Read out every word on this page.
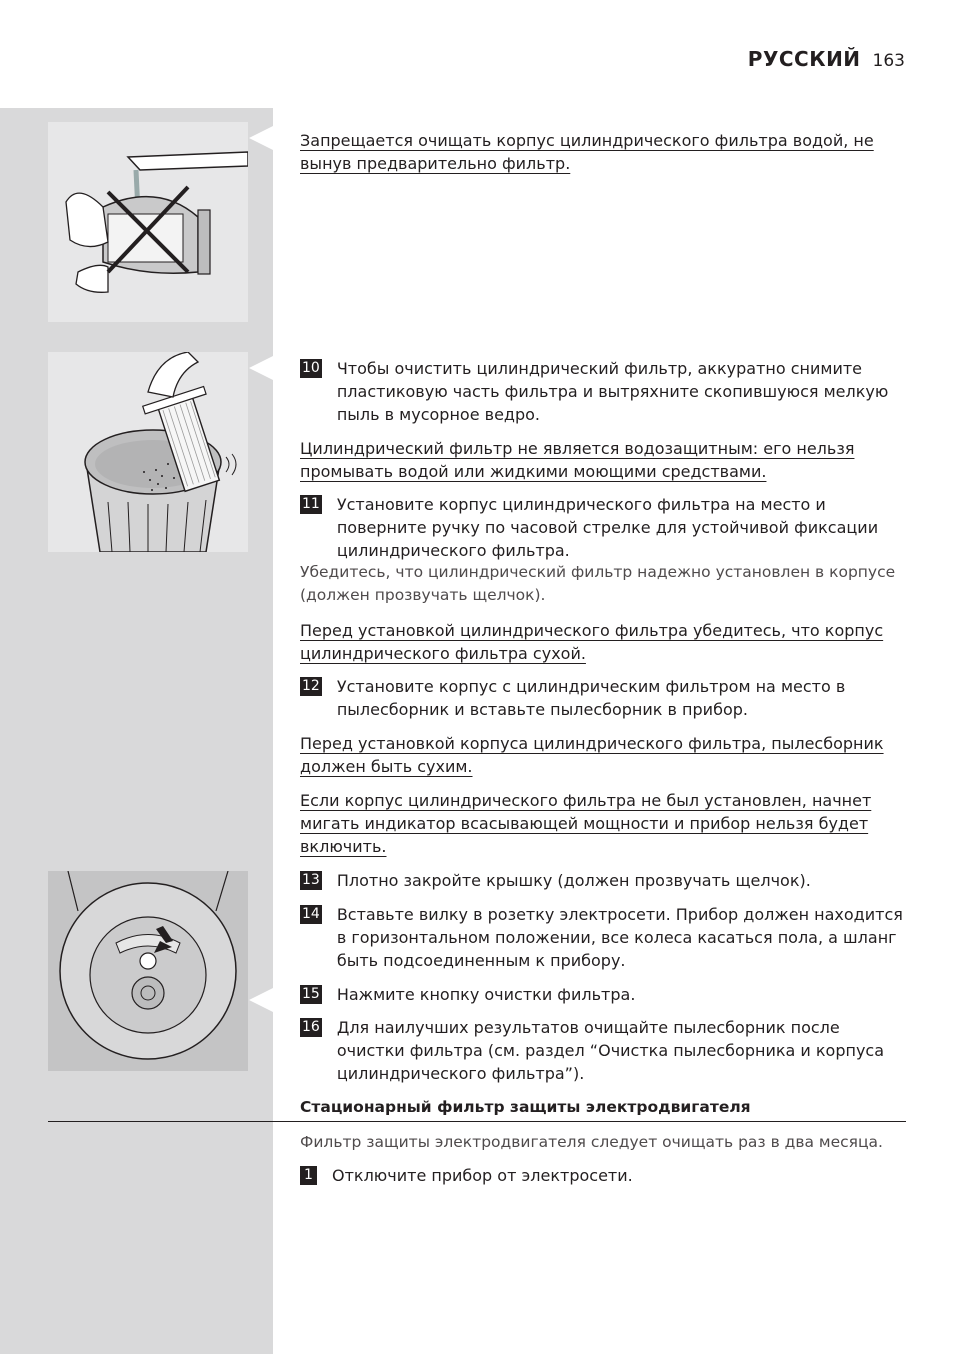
РУССКИЙ 163
Запрещается очищать корпус цилиндрического фильтра водой, не вынув предварительно фильтр.
10 Чтобы очистить цилиндрический фильтр, аккуратно снимите пластиковую часть фильтра и вытряхните скопившуюся мелкую пыль в мусорное ведро.
Цилиндрический фильтр не является водозащитным: его нельзя промывать водой или жидкими моющими средствами.
11 Установите корпус цилиндрического фильтра на место и поверните ручку по часовой стрелке для устойчивой фиксации цилиндрического фильтра.
Убедитесь, что цилиндрический фильтр надежно установлен в корпусе (должен прозвучать щелчок).
Перед установкой цилиндрического фильтра убедитесь, что корпус цилиндрического фильтра сухой.
12 Установите корпус с цилиндрическим фильтром на место в пылесборник и вставьте пылесборник в прибор.
Перед установкой корпуса цилиндрического фильтра, пылесборник должен быть сухим.
Если корпус цилиндрического фильтра не был установлен, начнет мигать индикатор всасывающей мощности и прибор нельзя будет включить.
13 Плотно закройте крышку (должен прозвучать щелчок).
14 Вставьте вилку в розетку электросети. Прибор должен находится в горизонтальном положении, все колеса касаться пола, а шланг быть подсоединенным к прибору.
15 Нажмите кнопку очистки фильтра.
16 Для наилучших результатов очищайте пылесборник после очистки фильтра (см. раздел “Очистка пылесборника и корпуса цилиндрического фильтра”).
Стационарный фильтр защиты электродвигателя
Фильтр защиты электродвигателя следует очищать раз в два месяца.
1 Отключите прибор от электросети.
